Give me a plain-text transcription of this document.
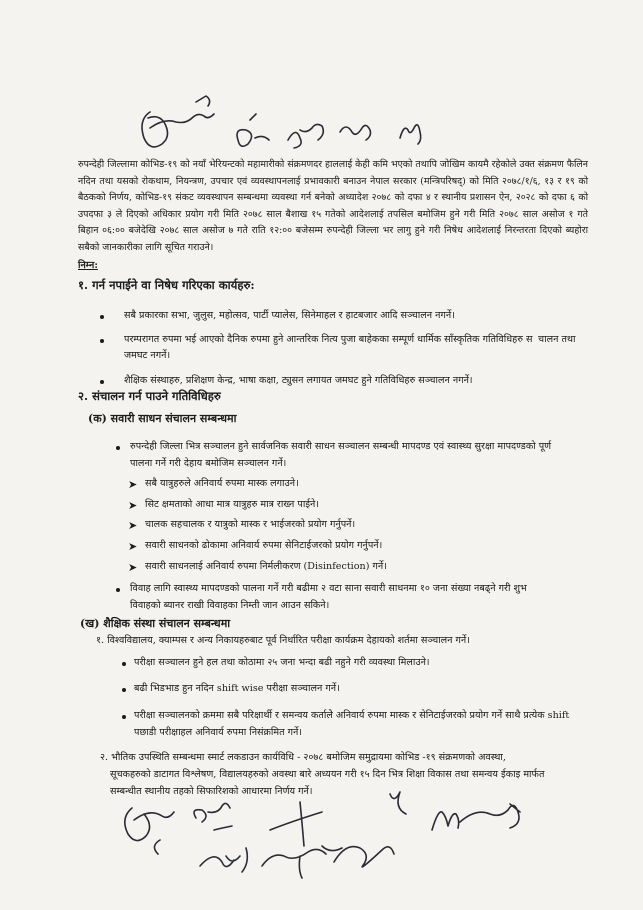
रुपन्देही जिल्लामा कोभिड-१९ को नयाँ भेरियन्टको महामारीको संक्रमणदर हाललाई केही कमि भएको तथापि जोखिम कायमै रहेकोले उक्त संक्रमण फैलिन नदिन तथा यसको रोकथाम, नियन्त्रण, उपचार एवं व्यवस्थापनलाई प्रभावकारी बनाउन नेपाल सरकार (मन्त्रिपरिषद्) को मिति २०७८/१/६, १३ र १९ को बैठकको निर्णय, कोभिड-१९ संकट व्यवस्थापन सम्बन्धमा व्यवस्था गर्न बनेको अध्यादेश २०७८ को दफा ४ र स्थानीय प्रशासन ऐन, २०२८ को दफा ६ को उपदफा ३ ले दिएको अधिकार प्रयोग गरी मिति २०७८ साल बैशाख १५ गतेको आदेशलाई तपसिल बमोजिम हुने गरी मिति २०७८ साल असोज १ गते बिहान ०६:०० बजेदेखि २०७८ साल असोज ७ गते राति १२:०० बजेसम्म रुपन्देही जिल्ला भर लागु हुने गरी निषेध आदेशलाई निरन्तरता दिएको ब्यहोरा सबैको जानकारीका लागि सूचित गराउने।
निम्न:
१. गर्न नपाईने वा निषेध गरिएका कार्यहरु:
सबै प्रकारका सभा, जुलुस, महोत्सव, पार्टी प्यालेस, सिनेमाहल र हाटबजार आदि सञ्चालन नगर्ने।
परम्परागत रुपमा भई आएको दैनिक रुपमा हुने आन्तरिक नित्य पुजा बाहेकका सम्पूर्ण धार्मिक साँस्कृतिक गतिविधिहरु स चालन तथा
जमघट नगर्ने।
शैक्षिक संस्थाहरु, प्रशिक्षण केन्द्र, भाषा कक्षा, ट्युसन लगायत जमघट हुने गतिविधिहरु सञ्चालन नगर्ने।
२. संचालन गर्न पाउने गतिविधिहरु
(क) सवारी साधन संचालन सम्बन्धमा
रुपन्देही जिल्ला भित्र सञ्चालन हुने सार्वजनिक सवारी साधन सञ्चालन सम्बन्धी मापदण्ड एवं स्वास्थ्य सुरक्षा मापदण्डको पूर्ण
पालना गर्ने गरी देहाय बमोजिम सञ्चालन गर्ने।
➤ सबै यात्रुहरुले अनिवार्य रुपमा मास्क लगाउने।
➤ सिट क्षमताको आधा मात्र यात्रुहरु मात्र राख्न पाईने।
➤ चालक सहचालक र यात्रुको मास्क र भाईजरको प्रयोग गर्नुपर्ने।
➤ सवारी साधनको ढोकामा अनिवार्य रुपमा सेनिटाईजरको प्रयोग गर्नुपर्ने।
➤ सवारी साधनलाई अनिवार्य रुपमा निर्मलीकरण (Disinfection) गर्ने।
विवाह लागि स्वास्थ्य मापदण्डको पालना गर्ने गरी बढीमा २ वटा साना सवारी साधनमा १० जना संख्या नबढ्ने गरी शुभ
विवाहको ब्यानर राखी विवाहका निम्ती जान आउन सकिने।
(ख) शैक्षिक संस्था संचालन सम्बन्धमा
१. विश्वविद्यालय, क्याम्पस र अन्य निकायहरुबाट पूर्व निर्धारित परीक्षा कार्यक्रम देहायको शर्तमा सञ्चालन गर्ने।
परीक्षा सञ्चालन हुने हल तथा कोठामा २५ जना भन्दा बढी नहुने गरी व्यवस्था मिलाउने।
बढी भिडभाड हुन नदिन shift wise परीक्षा सञ्चालन गर्ने।
परीक्षा सञ्चालनको क्रममा सबै परिक्षार्थी र समन्वय कर्तालेे अनिवार्य रुपमा मास्क र सेनिटाईजरको प्रयोग गर्ने साथै प्रत्येक shift
पछाडी परीक्षाहल अनिवार्य रुपमा निसंक्रमित गर्ने।
२. भौतिक उपस्थिति सम्बन्धमा स्मार्ट लकडाउन कार्यविधि - २०७८ बमोजिम समुद्रायमा कोभिड -१९ संक्रमणको अवस्था,
सूचकहरुको डाटागत विश्लेषण, विद्यालयहरुको अवस्था बारे अध्ययन गरी १५ दिन भित्र शिक्षा विकास तथा समन्वय ईकाइ मार्फत
सम्बन्धीत स्थानीय तहको सिफारिशको आधारमा निर्णय गर्ने।
